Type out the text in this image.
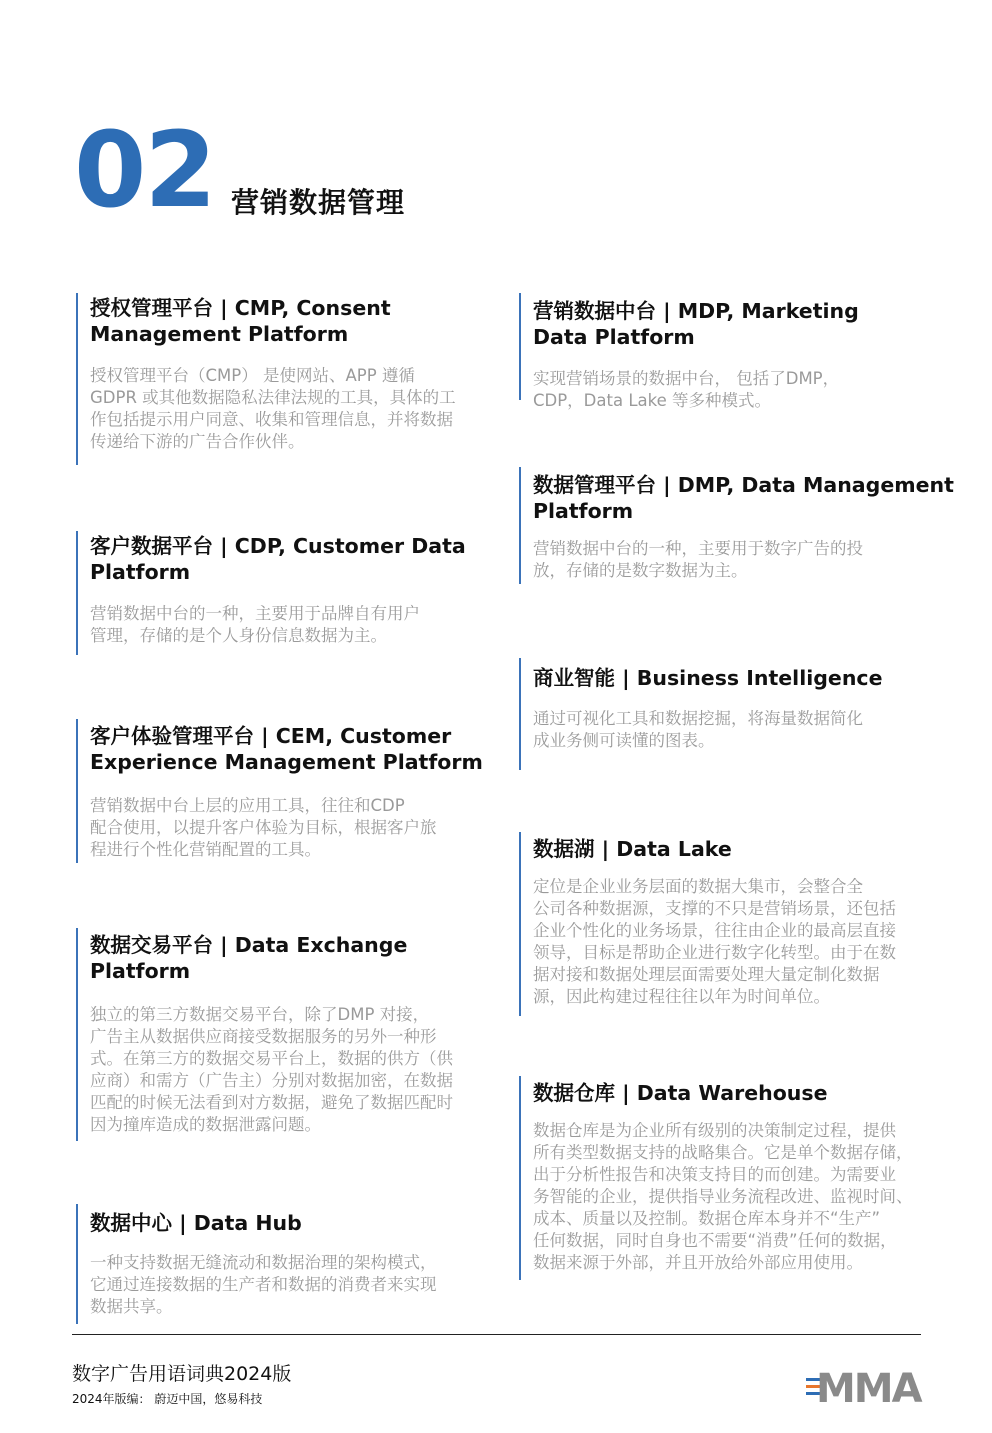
02 营销数据管理

授权管理平台 | CMP, Consent
Management Platform

授权管理平台（CMP） 是使网站、APP 遵循
GDPR 或其他数据隐私法律法规的工具，具体的工
作包括提示用户同意、收集和管理信息，并将数据
传递给下游的广告合作伙伴。

客户数据平台 | CDP, Customer Data
Platform

营销数据中台的一种，主要用于品牌自有用户
管理，存储的是个人身份信息数据为主。

客户体验管理平台 | CEM, Customer
Experience Management Platform

营销数据中台上层的应用工具，往往和CDP
配合使用，以提升客户体验为目标，根据客户旅
程进行个性化营销配置的工具。

数据交易平台 | Data Exchange
Platform

独立的第三方数据交易平台，除了DMP 对接，
广告主从数据供应商接受数据服务的另外一种形
式。在第三方的数据交易平台上，数据的供方（供
应商）和需方（广告主）分别对数据加密，在数据
匹配的时候无法看到对方数据，避免了数据匹配时
因为撞库造成的数据泄露问题。

数据中心 | Data Hub

一种支持数据无缝流动和数据治理的架构模式，
它通过连接数据的生产者和数据的消费者来实现
数据共享。

营销数据中台 | MDP, Marketing
Data Platform

实现营销场景的数据中台， 包括了DMP，
CDP，Data Lake 等多种模式。

数据管理平台 | DMP, Data Management
Platform

营销数据中台的一种，主要用于数字广告的投
放，存储的是数字数据为主。

商业智能 | Business Intelligence

通过可视化工具和数据挖掘，将海量数据简化
成业务侧可读懂的图表。

数据湖 | Data Lake

定位是企业业务层面的数据大集市，会整合全
公司各种数据源，支撑的不只是营销场景，还包括
企业个性化的业务场景，往往由企业的最高层直接
领导，目标是帮助企业进行数字化转型。由于在数
据对接和数据处理层面需要处理大量定制化数据
源，因此构建过程往往以年为时间单位。

数据仓库 | Data Warehouse

数据仓库是为企业所有级别的决策制定过程，提供
所有类型数据支持的战略集合。它是单个数据存储，
出于分析性报告和决策支持目的而创建。为需要业
务智能的企业，提供指导业务流程改进、监视时间、
成本、质量以及控制。数据仓库本身并不“生产”
任何数据，同时自身也不需要“消费”任何的数据，
数据来源于外部，并且开放给外部应用使用。

数字广告用语词典2024版
2024年版编： 蔚迈中国，悠易科技	MMA
